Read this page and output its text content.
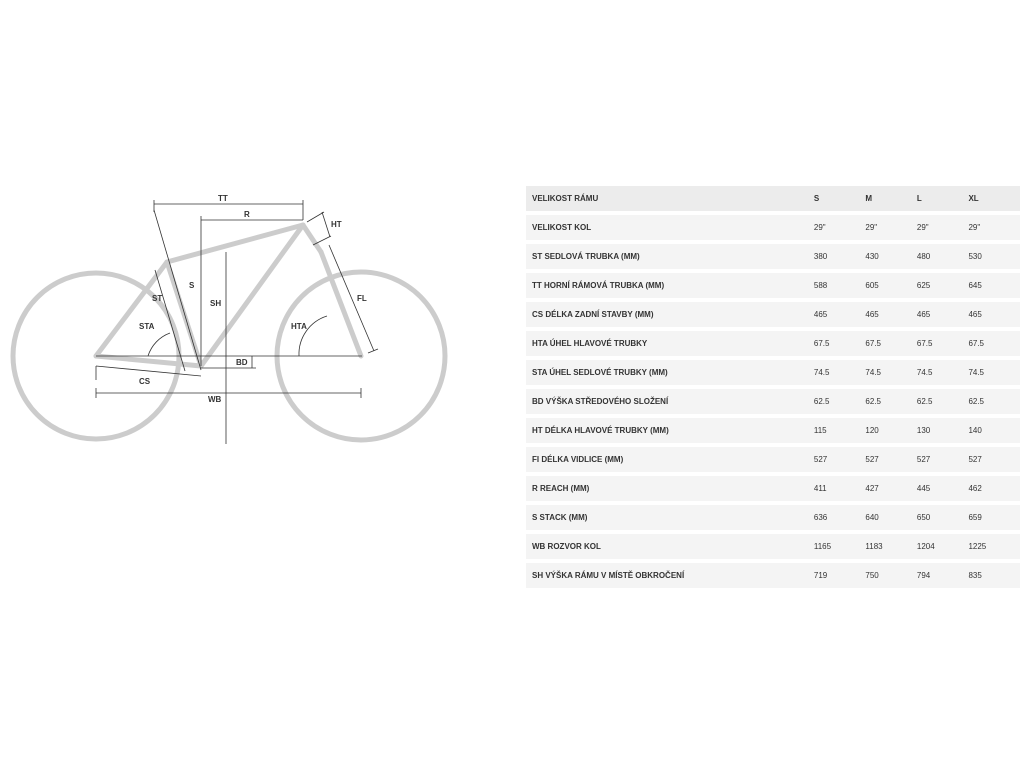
TT
R
HT
S
SH
ST
STA	HTA
FL
BD
CS
WB
VELIKOST RÁMU	S	M	L	XL
VELIKOST KOL	29"	29"	29"	29"
ST SEDLOVÁ TRUBKA (MM)	380	430	480	530
TT HORNÍ RÁMOVÁ TRUBKA (MM)	588	605	625	645
CS DÉLKA ZADNÍ STAVBY (MM)	465	465	465	465
HTA ÚHEL HLAVOVÉ TRUBKY	67.5	67.5	67.5	67.5
STA ÚHEL SEDLOVÉ TRUBKY (MM)	74.5	74.5	74.5	74.5
BD VÝŠKA STŘEDOVÉHO SLOŽENÍ	62.5	62.5	62.5	62.5
HT DÉLKA HLAVOVÉ TRUBKY (MM)	115	120	130	140
FI DÉLKA VIDLICE (MM)	527	527	527	527
R REACH (MM)	411	427	445	462
S STACK (MM)	636	640	650	659
WB ROZVOR KOL	1165	1183	1204	1225
SH VÝŠKA RÁMU V MÍSTĚ OBKROČENÍ	719	750	794	835
